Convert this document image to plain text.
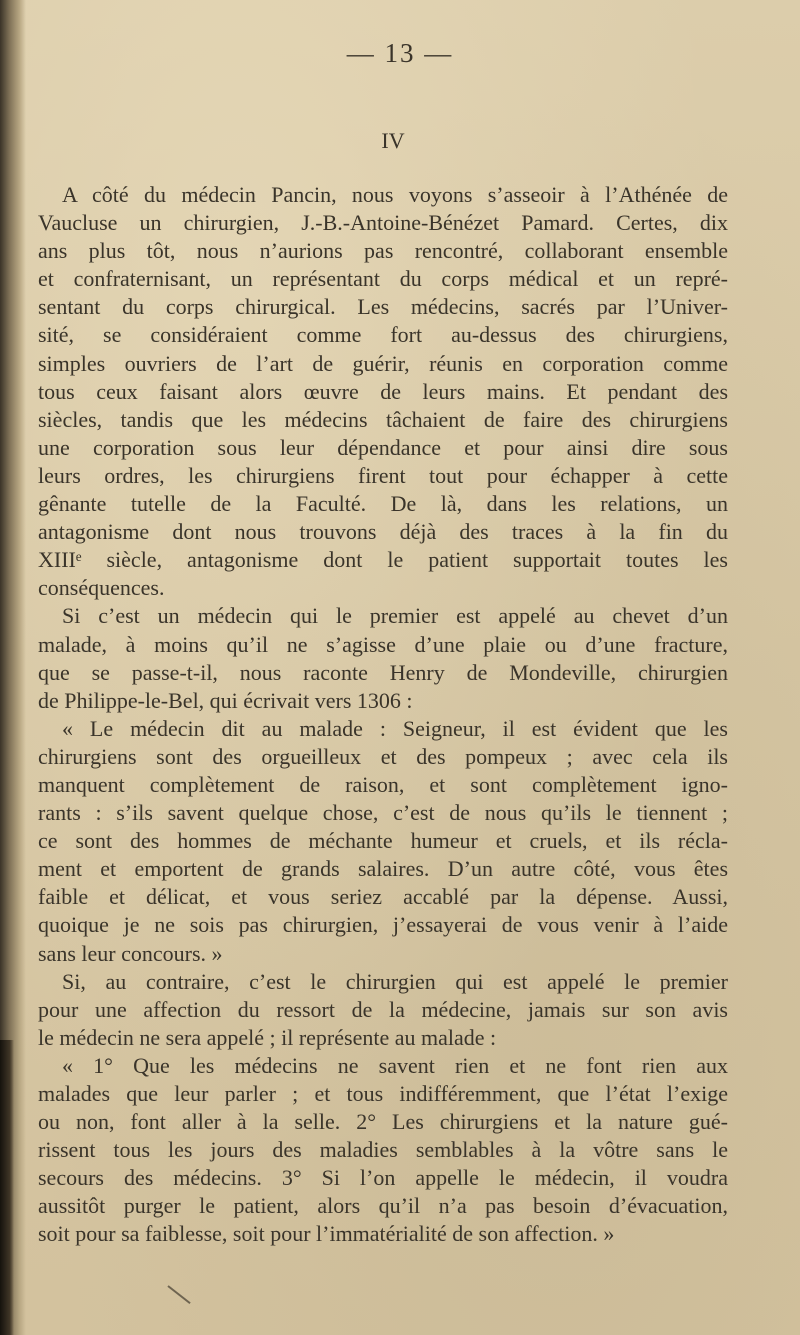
— 13 —
IV
A côté du médecin Pancin, nous voyons s’asseoir à l’Athénée de
Vaucluse un chirurgien, J.-B.-Antoine-Bénézet Pamard. Certes, dix
ans plus tôt, nous n’aurions pas rencontré, collaborant ensemble
et confraternisant, un représentant du corps médical et un repré-
sentant du corps chirurgical. Les médecins, sacrés par l’Univer-
sité, se considéraient comme fort au-dessus des chirurgiens,
simples ouvriers de l’art de guérir, réunis en corporation comme
tous ceux faisant alors œuvre de leurs mains. Et pendant des
siècles, tandis que les médecins tâchaient de faire des chirurgiens
une corporation sous leur dépendance et pour ainsi dire sous
leurs ordres, les chirurgiens firent tout pour échapper à cette
gênante tutelle de la Faculté. De là, dans les relations, un
antagonisme dont nous trouvons déjà des traces à la fin du
XIIIᵉ siècle, antagonisme dont le patient supportait toutes les
conséquences.
Si c’est un médecin qui le premier est appelé au chevet d’un
malade, à moins qu’il ne s’agisse d’une plaie ou d’une fracture,
que se passe-t-il, nous raconte Henry de Mondeville, chirurgien
de Philippe-le-Bel, qui écrivait vers 1306 :
« Le médecin dit au malade : Seigneur, il est évident que les
chirurgiens sont des orgueilleux et des pompeux ; avec cela ils
manquent complètement de raison, et sont complètement igno-
rants : s’ils savent quelque chose, c’est de nous qu’ils le tiennent ;
ce sont des hommes de méchante humeur et cruels, et ils récla-
ment et emportent de grands salaires. D’un autre côté, vous êtes
faible et délicat, et vous seriez accablé par la dépense. Aussi,
quoique je ne sois pas chirurgien, j’essayerai de vous venir à l’aide
sans leur concours. »
Si, au contraire, c’est le chirurgien qui est appelé le premier
pour une affection du ressort de la médecine, jamais sur son avis
le médecin ne sera appelé ; il représente au malade :
« 1° Que les médecins ne savent rien et ne font rien aux
malades que leur parler ; et tous indifféremment, que l’état l’exige
ou non, font aller à la selle. 2° Les chirurgiens et la nature gué-
rissent tous les jours des maladies semblables à la vôtre sans le
secours des médecins. 3° Si l’on appelle le médecin, il voudra
aussitôt purger le patient, alors qu’il n’a pas besoin d’évacuation,
soit pour sa faiblesse, soit pour l’immatérialité de son affection. »
